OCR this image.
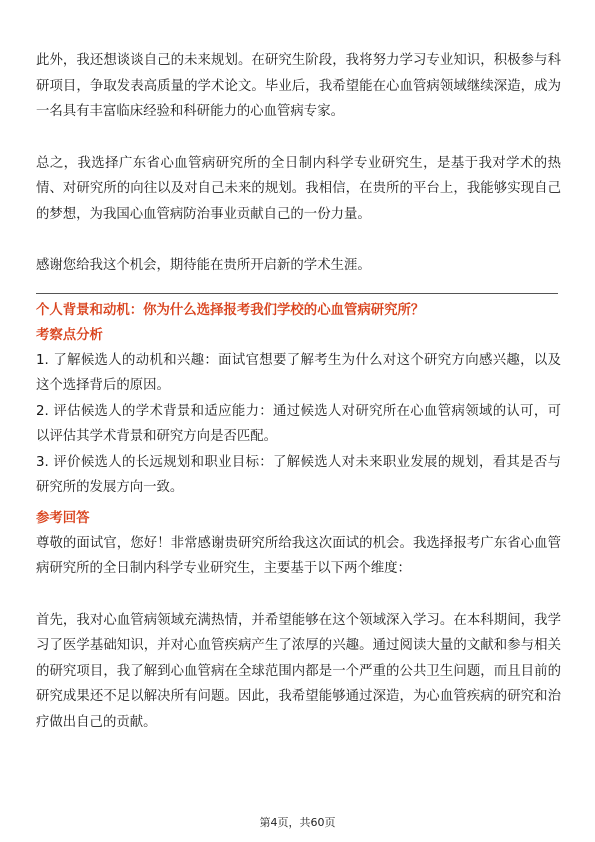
此外，我还想谈谈自己的未来规划。在研究生阶段，我将努力学习专业知识，积极参与科研项目，争取发表高质量的学术论文。毕业后，我希望能在心血管病领域继续深造，成为一名具有丰富临床经验和科研能力的心血管病专家。

总之，我选择广东省心血管病研究所的全日制内科学专业研究生，是基于我对学术的热情、对研究所的向往以及对自己未来的规划。我相信，在贵所的平台上，我能够实现自己的梦想，为我国心血管病防治事业贡献自己的一份力量。

感谢您给我这个机会，期待能在贵所开启新的学术生涯。

个人背景和动机：你为什么选择报考我们学校的心血管病研究所？
考察点分析

1. 了解候选人的动机和兴趣：面试官想要了解考生为什么对这个研究方向感兴趣，以及这个选择背后的原因。

2. 评估候选人的学术背景和适应能力：通过候选人对研究所在心血管病领域的认可，可以评估其学术背景和研究方向是否匹配。

3. 评价候选人的长远规划和职业目标：了解候选人对未来职业发展的规划，看其是否与研究所的发展方向一致。

参考回答

尊敬的面试官，您好！非常感谢贵研究所给我这次面试的机会。我选择报考广东省心血管病研究所的全日制内科学专业研究生，主要基于以下两个维度：

首先，我对心血管病领域充满热情，并希望能够在这个领域深入学习。在本科期间，我学习了医学基础知识，并对心血管疾病产生了浓厚的兴趣。通过阅读大量的文献和参与相关的研究项目，我了解到心血管病在全球范围内都是一个严重的公共卫生问题，而且目前的研究成果还不足以解决所有问题。因此，我希望能够通过深造，为心血管疾病的研究和治疗做出自己的贡献。

第4页，共60页
